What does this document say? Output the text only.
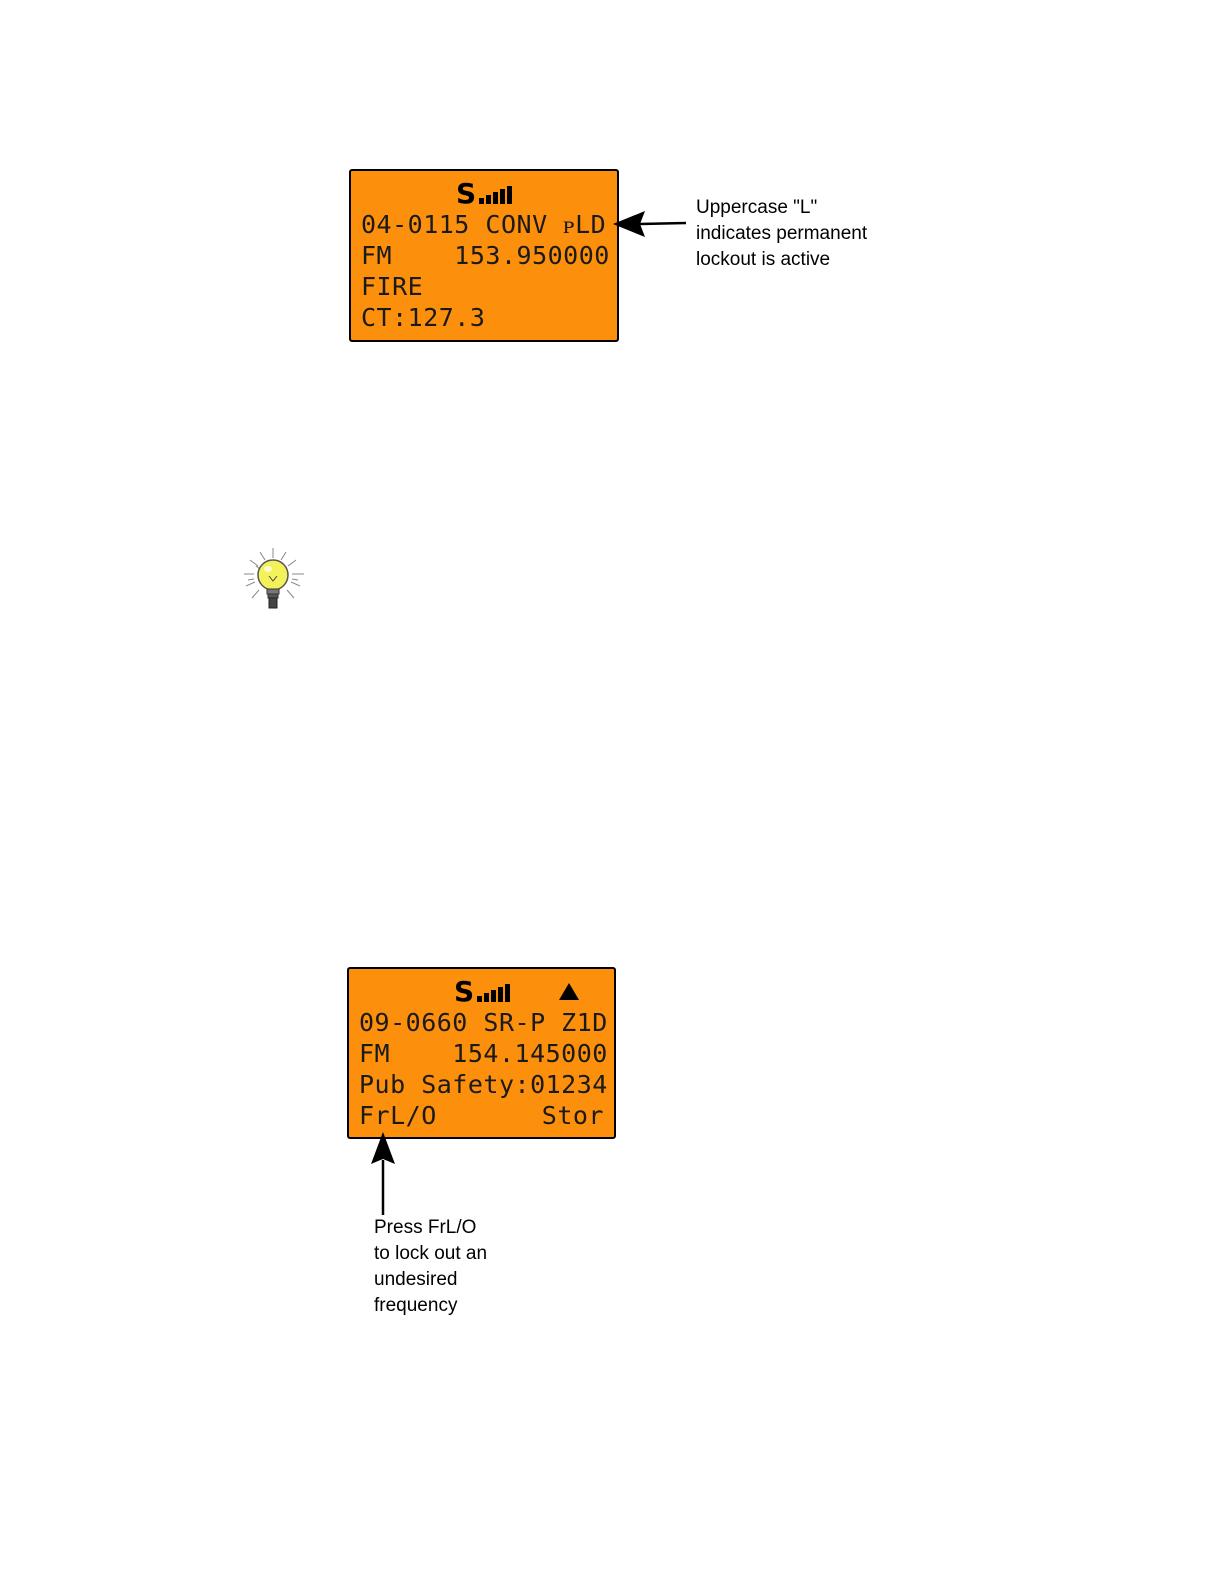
S
04-0115 CONV ᴘLD
FM    153.950000
FIRE
CT:127.3
Uppercase "L"
indicates permanent
lockout is active
S
09-0660 SR-P Z1D
FM    154.145000
Pub Safety:01234
FrL/O	Stor
Press FrL/O
to lock out an
undesired
frequency
